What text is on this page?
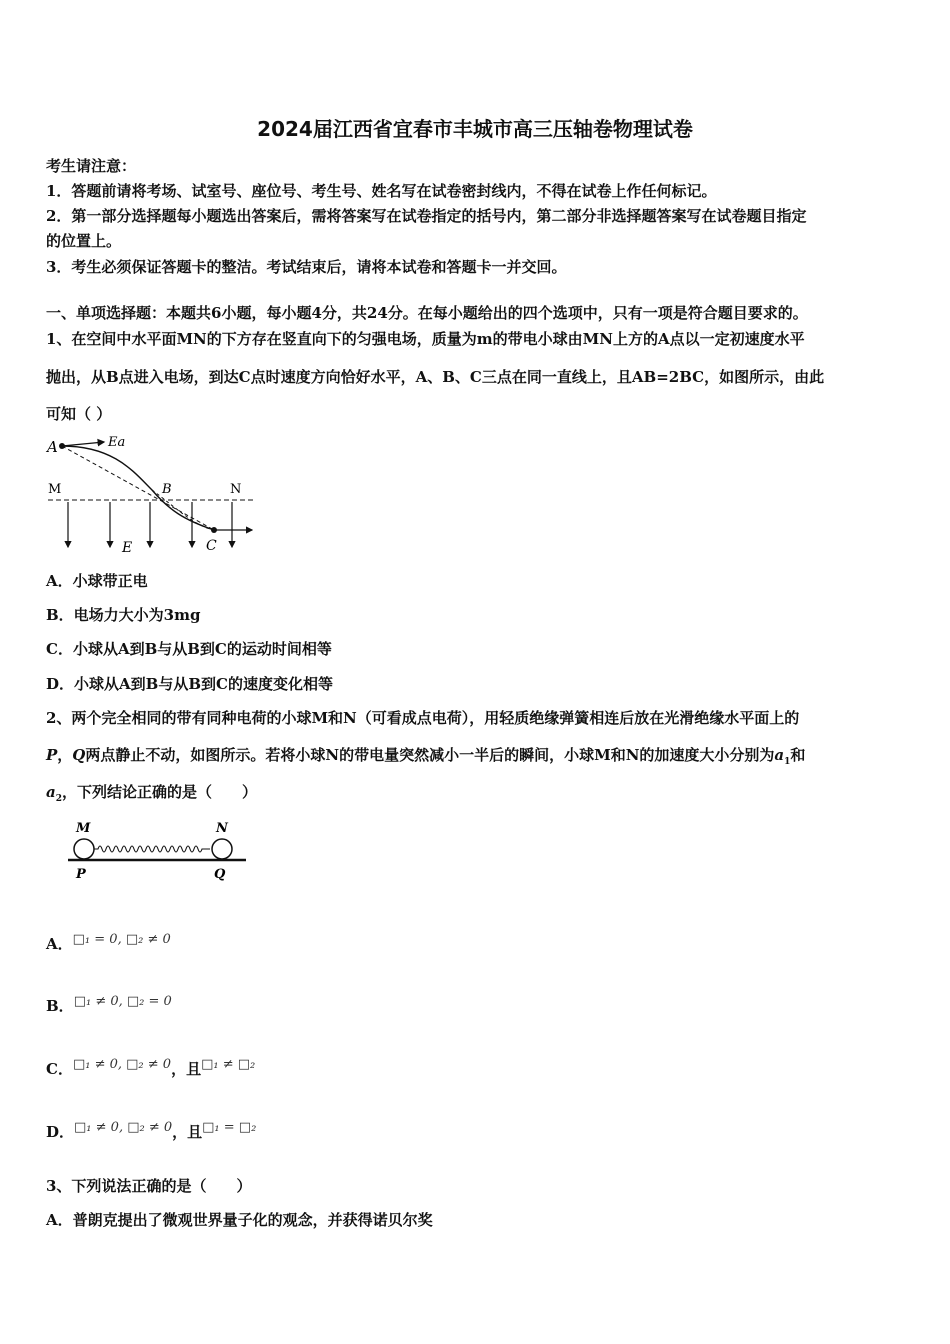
2024届江西省宜春市丰城市高三压轴卷物理试卷
考生请注意：
1．答题前请将考场、试室号、座位号、考生号、姓名写在试卷密封线内，不得在试卷上作任何标记。
2．第一部分选择题每小题选出答案后，需将答案写在试卷指定的括号内，第二部分非选择题答案写在试卷题目指定
的位置上。
3．考生必须保证答题卡的整洁。考试结束后，请将本试卷和答题卡一并交回。
一、单项选择题：本题共6小题，每小题4分，共24分。在每小题给出的四个选项中，只有一项是符合题目要求的。
1、在空间中水平面MN的下方存在竖直向下的匀强电场，质量为m的带电小球由MN上方的A点以一定初速度水平
抛出，从B点进入电场，到达C点时速度方向恰好水平，A、B、C三点在同一直线上，且AB=2BC，如图所示，由此
可知（ ）
A	Ea
M	B	N
E	C
A．小球带正电
B．电场力大小为3mg
C．小球从A到B与从B到C的运动时间相等
D．小球从A到B与从B到C的速度变化相等
2、两个完全相同的带有同种电荷的小球M和N（可看成点电荷），用轻质绝缘弹簧相连后放在光滑绝缘水平面上的
P，Q两点静止不动，如图所示。若将小球N的带电量突然减小一半后的瞬间，小球M和N的加速度大小分别为$a_1$和
$a_2$，下列结论正确的是（　　）
M	N
P	Q
A．□₁ = 0, □₂ ≠ 0
B．□₁ ≠ 0, □₂ = 0
C．□₁ ≠ 0, □₂ ≠ 0，且□₁ ≠ □₂
D．□₁ ≠ 0, □₂ ≠ 0，且□₁ = □₂
3、下列说法正确的是（　　）
A．普朗克提出了微观世界量子化的观念，并获得诺贝尔奖
